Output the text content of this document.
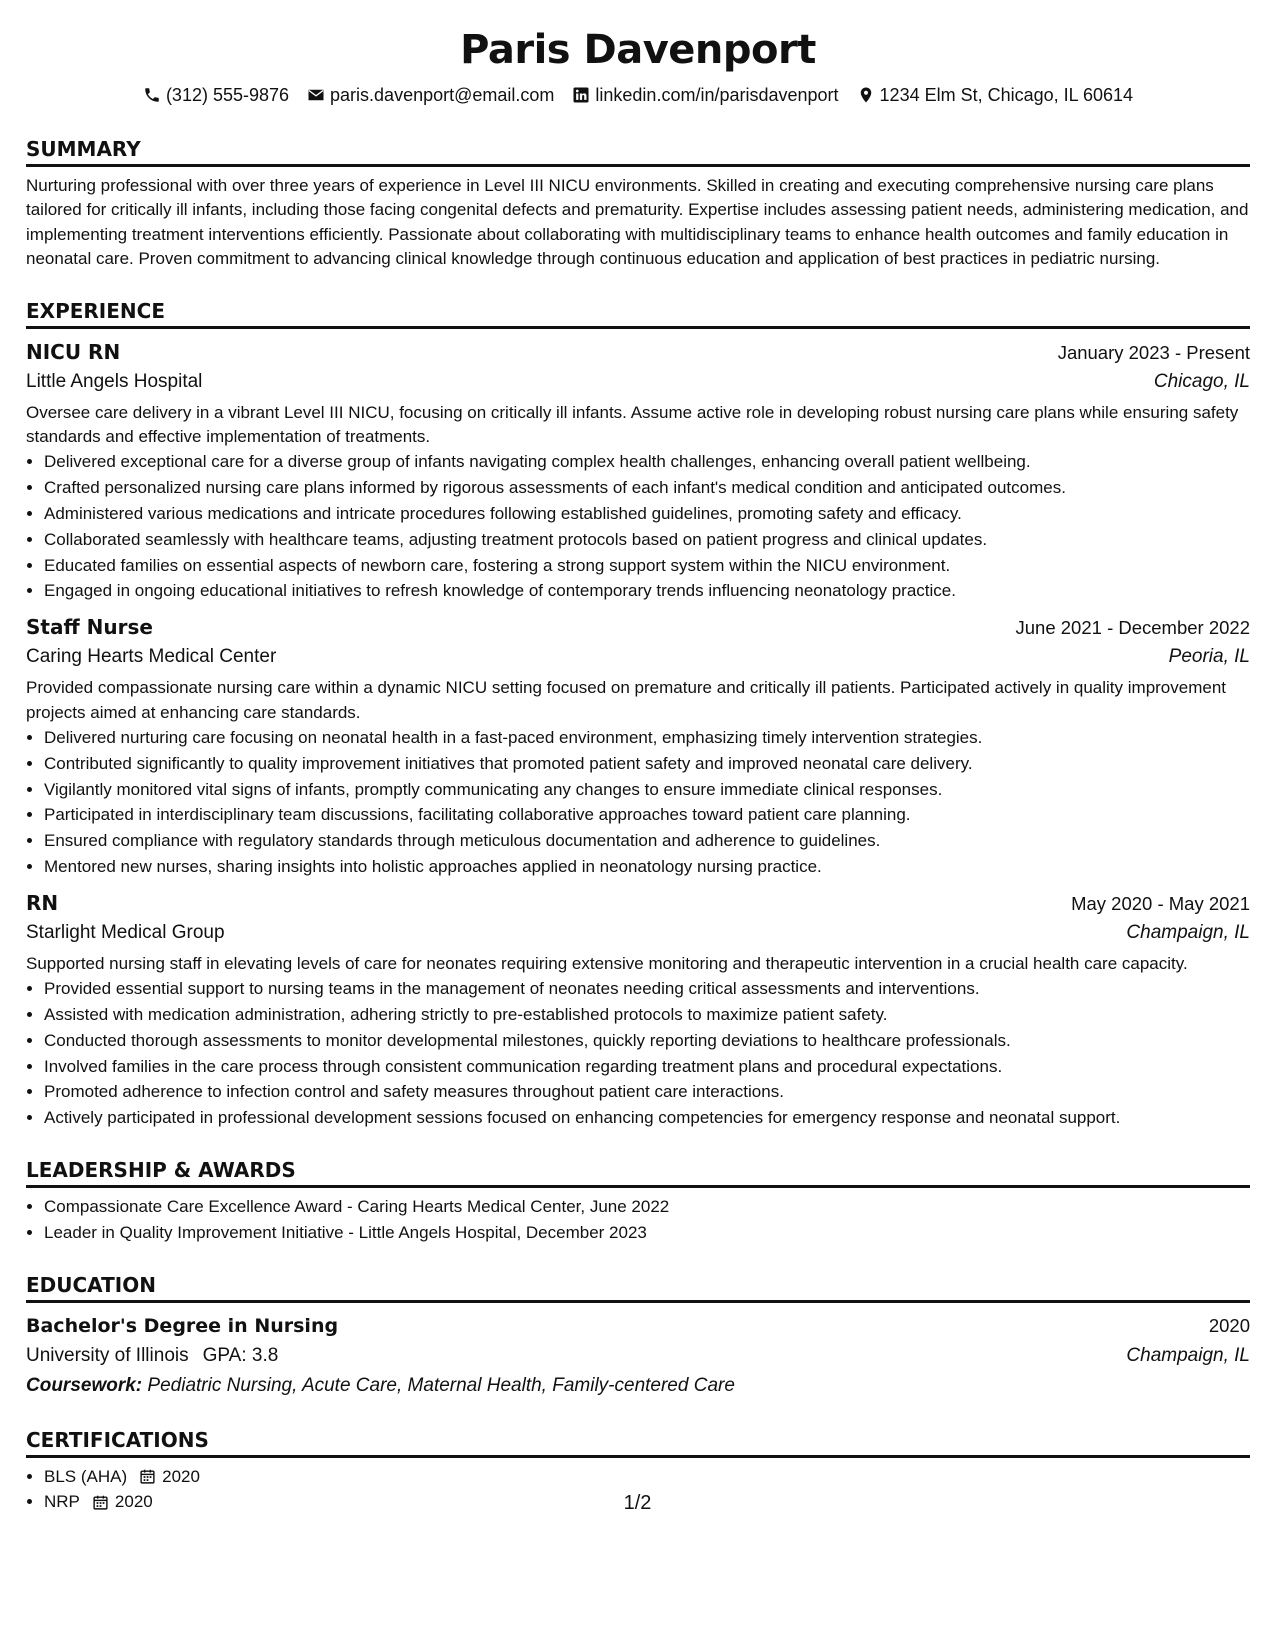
Paris Davenport
(312) 555-9876 paris.davenport@email.com linkedin.com/in/parisdavenport 1234 Elm St, Chicago, IL 60614
SUMMARY
Nurturing professional with over three years of experience in Level III NICU environments. Skilled in creating and executing comprehensive nursing care plans tailored for critically ill infants, including those facing congenital defects and prematurity. Expertise includes assessing patient needs, administering medication, and implementing treatment interventions efficiently. Passionate about collaborating with multidisciplinary teams to enhance health outcomes and family education in neonatal care. Proven commitment to advancing clinical knowledge through continuous education and application of best practices in pediatric nursing.
EXPERIENCE
NICU RN	January 2023 - Present
Little Angels Hospital	Chicago, IL
Oversee care delivery in a vibrant Level III NICU, focusing on critically ill infants. Assume active role in developing robust nursing care plans while ensuring safety standards and effective implementation of treatments.
• Delivered exceptional care for a diverse group of infants navigating complex health challenges, enhancing overall patient wellbeing.
• Crafted personalized nursing care plans informed by rigorous assessments of each infant's medical condition and anticipated outcomes.
• Administered various medications and intricate procedures following established guidelines, promoting safety and efficacy.
• Collaborated seamlessly with healthcare teams, adjusting treatment protocols based on patient progress and clinical updates.
• Educated families on essential aspects of newborn care, fostering a strong support system within the NICU environment.
• Engaged in ongoing educational initiatives to refresh knowledge of contemporary trends influencing neonatology practice.
Staff Nurse	June 2021 - December 2022
Caring Hearts Medical Center	Peoria, IL
Provided compassionate nursing care within a dynamic NICU setting focused on premature and critically ill patients. Participated actively in quality improvement projects aimed at enhancing care standards.
• Delivered nurturing care focusing on neonatal health in a fast-paced environment, emphasizing timely intervention strategies.
• Contributed significantly to quality improvement initiatives that promoted patient safety and improved neonatal care delivery.
• Vigilantly monitored vital signs of infants, promptly communicating any changes to ensure immediate clinical responses.
• Participated in interdisciplinary team discussions, facilitating collaborative approaches toward patient care planning.
• Ensured compliance with regulatory standards through meticulous documentation and adherence to guidelines.
• Mentored new nurses, sharing insights into holistic approaches applied in neonatology nursing practice.
RN	May 2020 - May 2021
Starlight Medical Group	Champaign, IL
Supported nursing staff in elevating levels of care for neonates requiring extensive monitoring and therapeutic intervention in a crucial health care capacity.
• Provided essential support to nursing teams in the management of neonates needing critical assessments and interventions.
• Assisted with medication administration, adhering strictly to pre-established protocols to maximize patient safety.
• Conducted thorough assessments to monitor developmental milestones, quickly reporting deviations to healthcare professionals.
• Involved families in the care process through consistent communication regarding treatment plans and procedural expectations.
• Promoted adherence to infection control and safety measures throughout patient care interactions.
• Actively participated in professional development sessions focused on enhancing competencies for emergency response and neonatal support.
LEADERSHIP & AWARDS
• Compassionate Care Excellence Award - Caring Hearts Medical Center, June 2022
• Leader in Quality Improvement Initiative - Little Angels Hospital, December 2023
EDUCATION
Bachelor's Degree in Nursing	2020
University of Illinois GPA: 3.8	Champaign, IL
Coursework: Pediatric Nursing, Acute Care, Maternal Health, Family-centered Care
CERTIFICATIONS
• BLS (AHA) 2020
• NRP 2020	1/2
